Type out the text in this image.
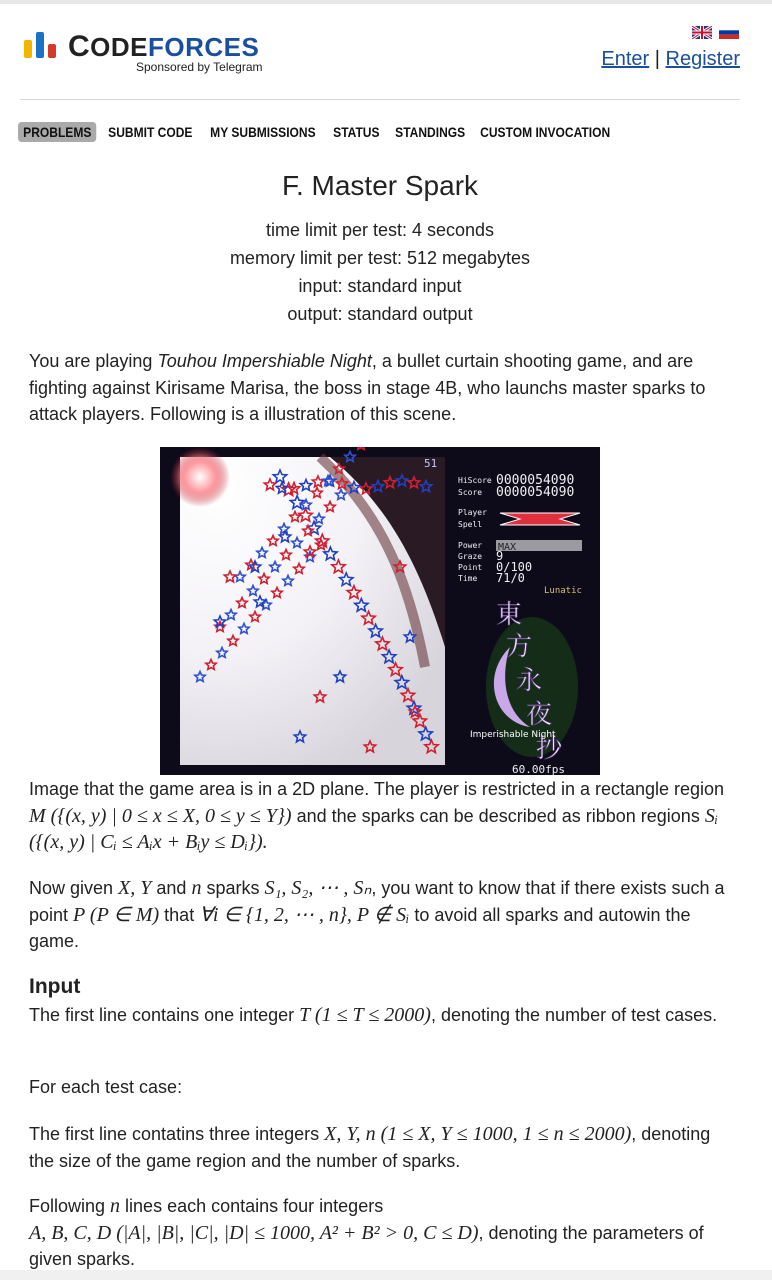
CODEFORCES
Sponsored by Telegram	Enter | Register
PROBLEMS	SUBMIT CODE	MY SUBMISSIONS	STATUS	STANDINGS	CUSTOM INVOCATION
F. Master Spark
time limit per test: 4 seconds
memory limit per test: 512 megabytes
input: standard input
output: standard output
You are playing Touhou Impershiable Night, a bullet curtain shooting game, and are fighting against Kirisame Marisa, the boss in stage 4B, who launchs master sparks to attack players. Following is a illustration of this scene.
HiScore 0000054090
Score 0000054090
Player
Spell
Power MAX
Graze 9
Point 0/100
Time 71/0
Lunatic
51
東
方
永
夜
抄
Imperishable Night
60.00fps
Image that the game area is in a 2D plane. The player is restricted in a rectangle region M ({(x, y) | 0 ≤ x ≤ X, 0 ≤ y ≤ Y}) and the sparks can be described as ribbon regions Sᵢ ({(x, y) | Cᵢ ≤ Aᵢx + Bᵢy ≤ Dᵢ}).
Now given X, Y and n sparks S₁, S₂, ⋯ , Sₙ, you want to know that if there exists such a point P (P ∈ M) that ∀i ∈ {1, 2, ⋯ , n}, P ∉ Sᵢ to avoid all sparks and autowin the game.
Input
The first line contains one integer T (1 ≤ T ≤ 2000), denoting the number of test cases.
For each test case:
The first line contatins three integers X, Y, n (1 ≤ X, Y ≤ 1000, 1 ≤ n ≤ 2000), denoting the size of the game region and the number of sparks.
Following n lines each contains four integers
A, B, C, D (|A|, |B|, |C|, |D| ≤ 1000, A² + B² > 0, C ≤ D), denoting the parameters of given sparks.
